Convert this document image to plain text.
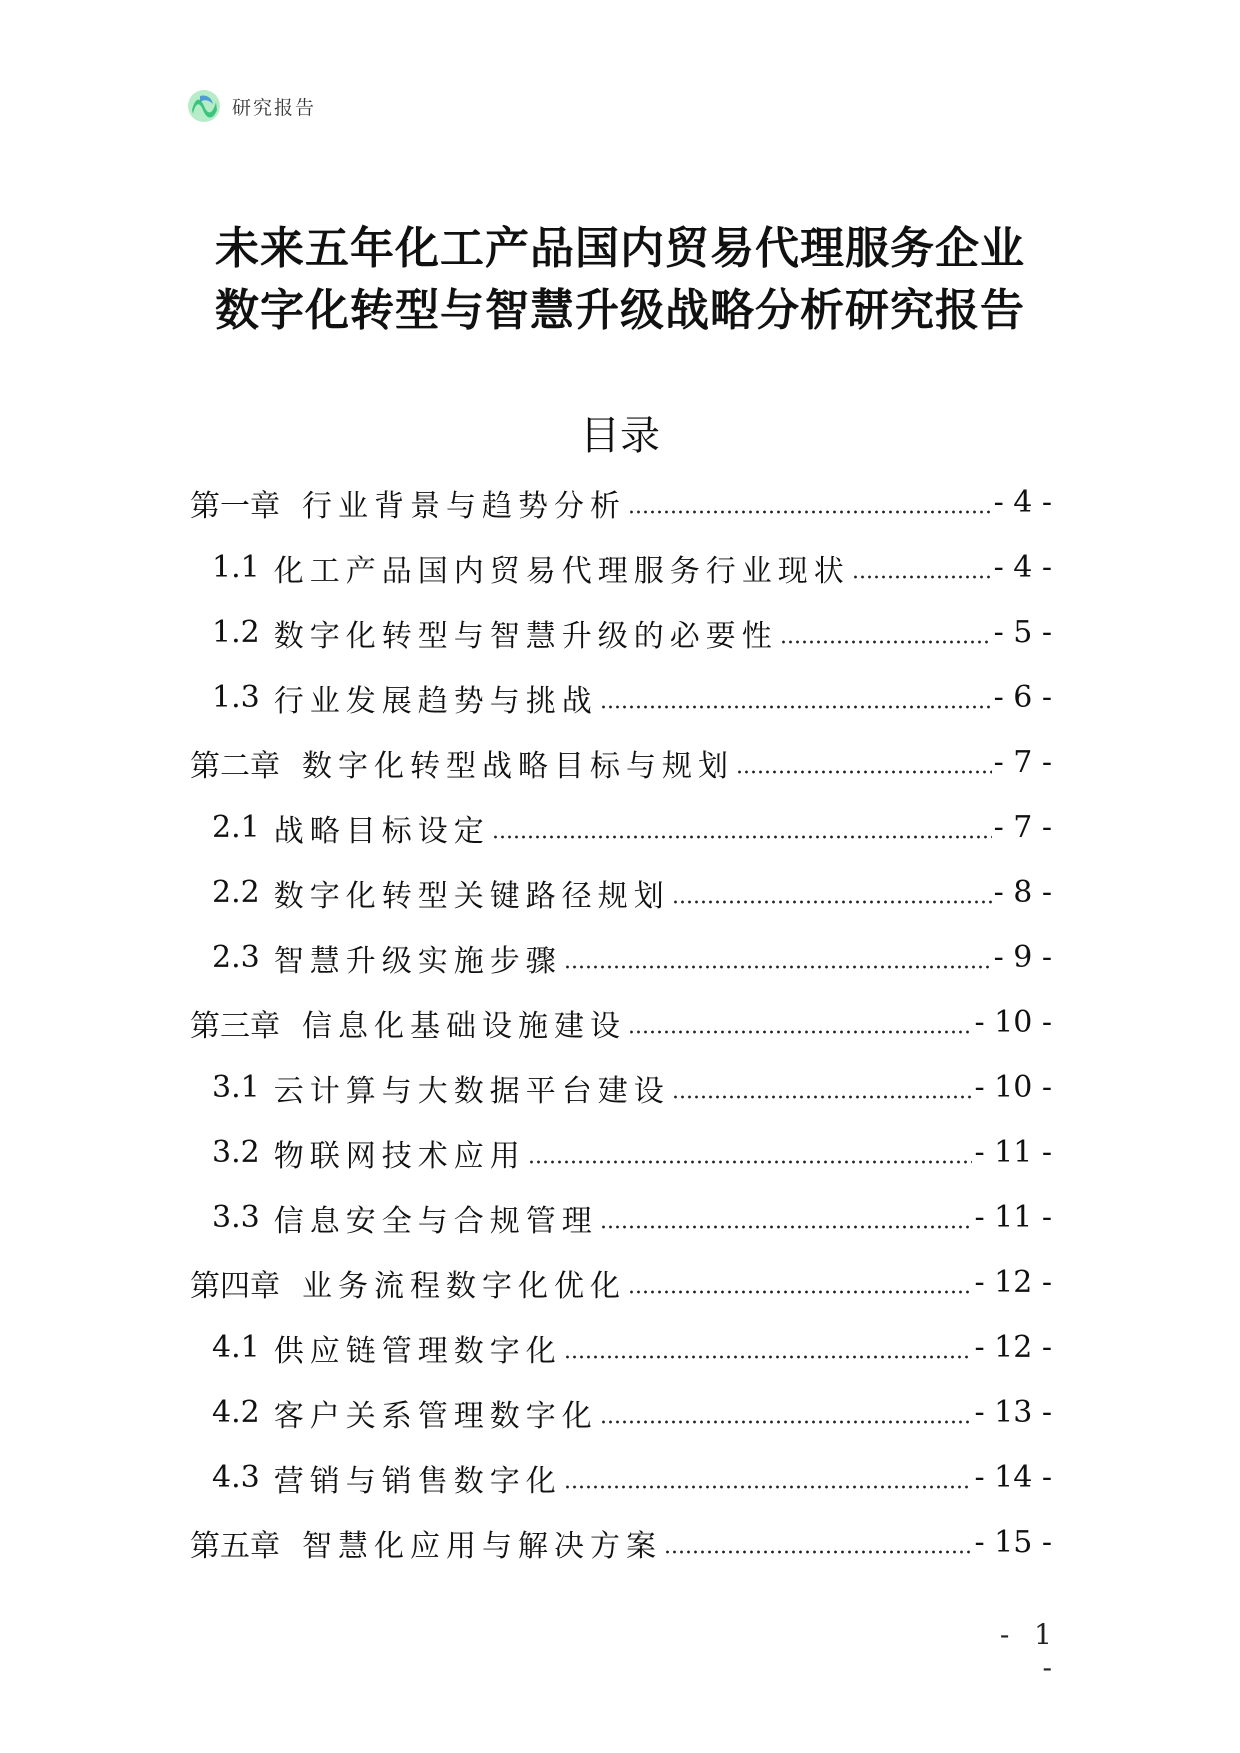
研究报告
未来五年化工产品国内贸易代理服务企业
数字化转型与智慧升级战略分析研究报告
目录
第一章 行业背景与趋势分析	- 4 -
1.1 化工产品国内贸易代理服务行业现状	- 4 -
1.2 数字化转型与智慧升级的必要性	- 5 -
1.3 行业发展趋势与挑战	- 6 -
第二章 数字化转型战略目标与规划	- 7 -
2.1 战略目标设定	- 7 -
2.2 数字化转型关键路径规划	- 8 -
2.3 智慧升级实施步骤	- 9 -
第三章 信息化基础设施建设	- 10 -
3.1 云计算与大数据平台建设	- 10 -
3.2 物联网技术应用	- 11 -
3.3 信息安全与合规管理	- 11 -
第四章 业务流程数字化优化	- 12 -
4.1 供应链管理数字化	- 12 -
4.2 客户关系管理数字化	- 13 -
4.3 营销与销售数字化	- 14 -
第五章 智慧化应用与解决方案	- 15 -
- 1 -
